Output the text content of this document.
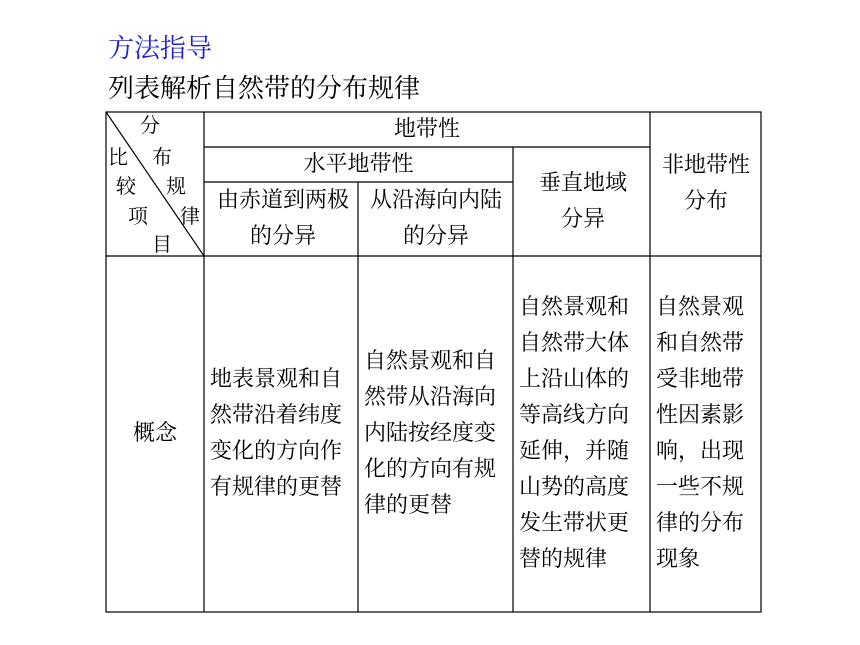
方法指导
列表解析自然带的分布规律
分
布
规
律
比
较
项
目
地带性
水平地带性
由赤道到两极的分异
从沿海向内陆的分异
垂直地域分异
非地带性分布
概念
地表景观和自然带沿着纬度变化的方向作有规律的更替
自然景观和自然带从沿海向内陆按经度变化的方向有规律的更替
自然景观和自然带大体上沿山体的等高线方向延伸，并随山势的高度发生带状更替的规律
自然景观和自然带受非地带性因素影响，出现一些不规律的分布现象
